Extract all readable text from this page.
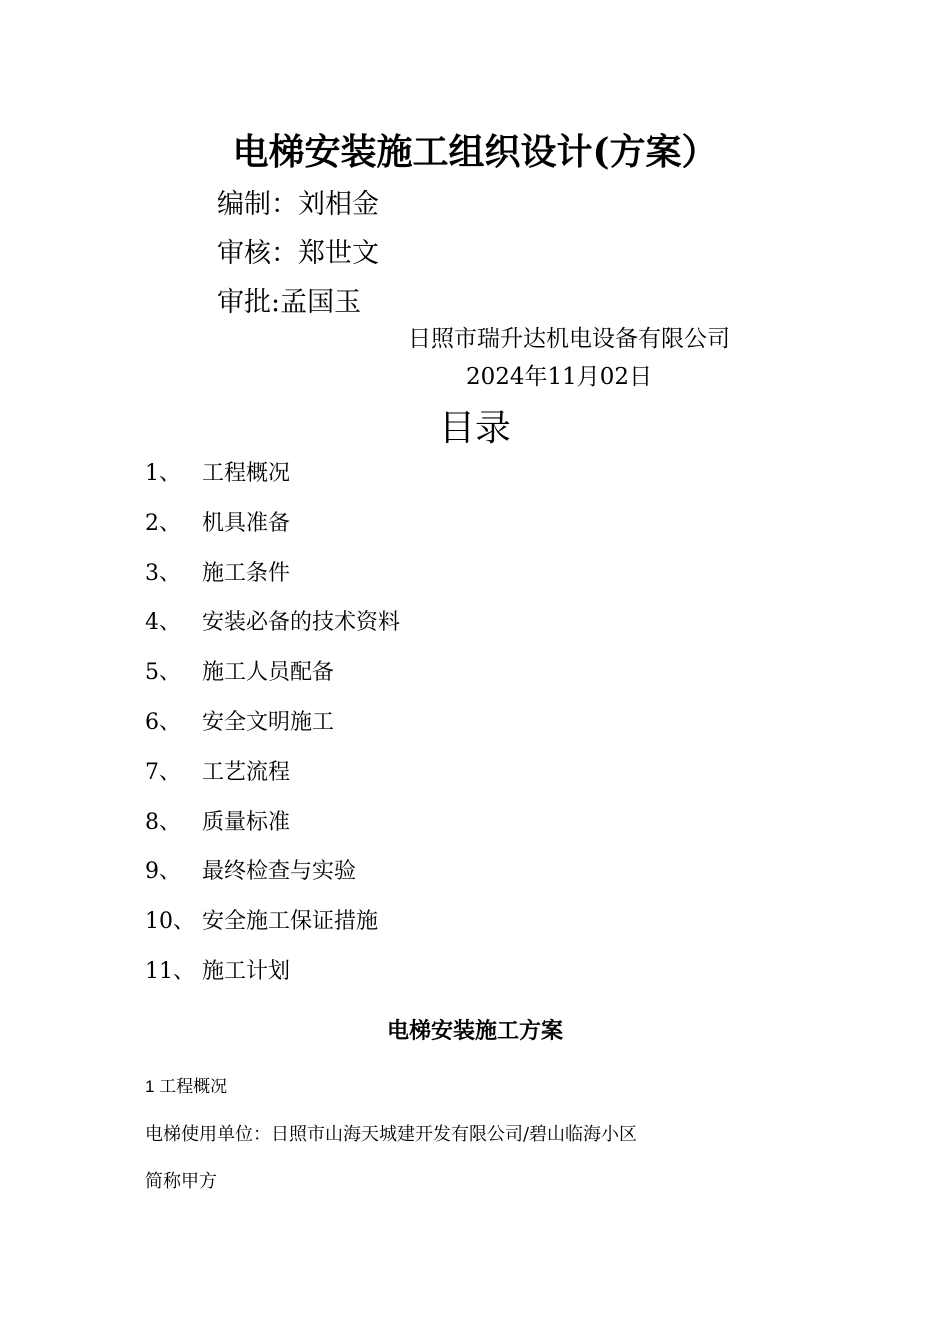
电梯安装施工组织设计(方案）
编制：刘相金
审核：郑世文
审批:孟国玉
日照市瑞升达机电设备有限公司
2024年11月02日
目录
1、 工程概况
2、 机具准备
3、 施工条件
4、 安装必备的技术资料
5、 施工人员配备
6、 安全文明施工
7、 工艺流程
8、 质量标准
9、 最终检查与实验
10、 安全施工保证措施
11、 施工计划
电梯安装施工方案
1 工程概况
电梯使用单位：日照市山海天城建开发有限公司/碧山临海小区
简称甲方
